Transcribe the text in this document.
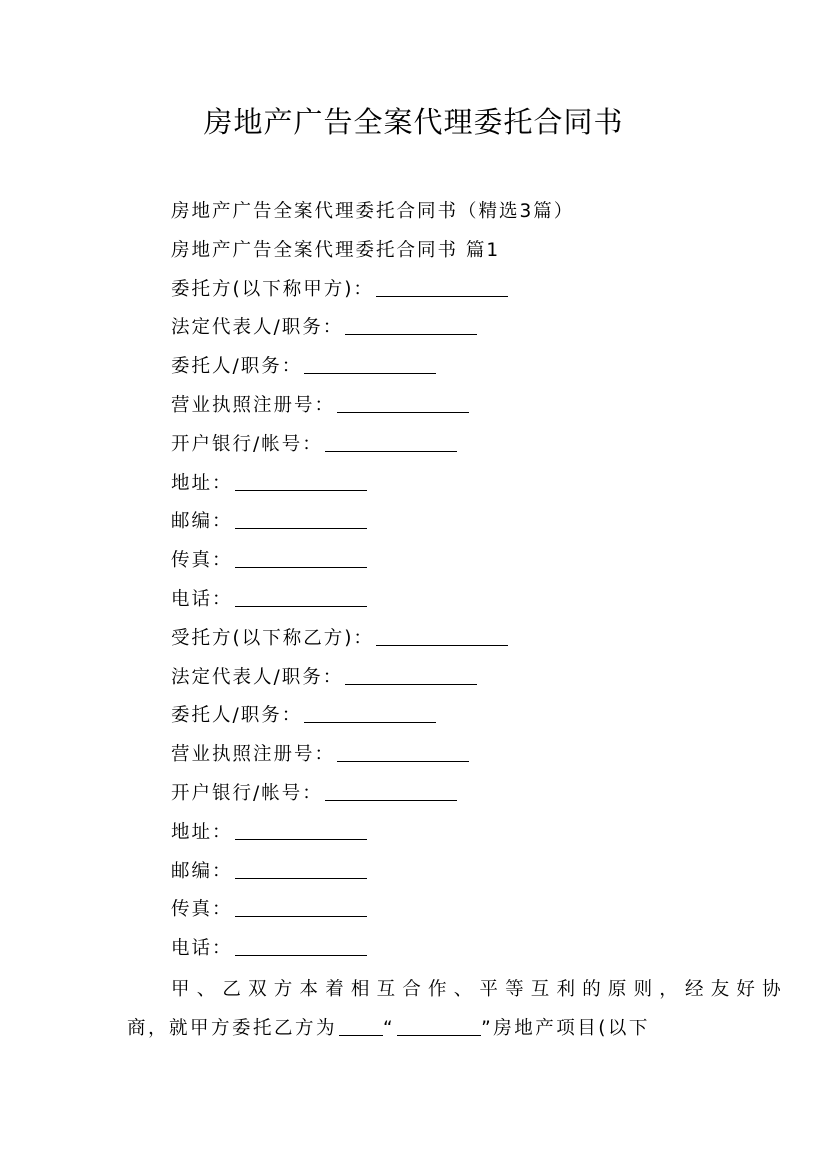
房地产广告全案代理委托合同书
房地产广告全案代理委托合同书（精选3篇）
房地产广告全案代理委托合同书 篇1
委托方(以下称甲方)：
法定代表人/职务：
委托人/职务：
营业执照注册号：
开户银行/帐号：
地址：
邮编：
传真：
电话：
受托方(以下称乙方)：
法定代表人/职务：
委托人/职务：
营业执照注册号：
开户银行/帐号：
地址：
邮编：
传真：
电话：
甲、乙双方本着相互合作、平等互利的原则，经友好协
商，就甲方委托乙方为 “	”房地产项目(以下
